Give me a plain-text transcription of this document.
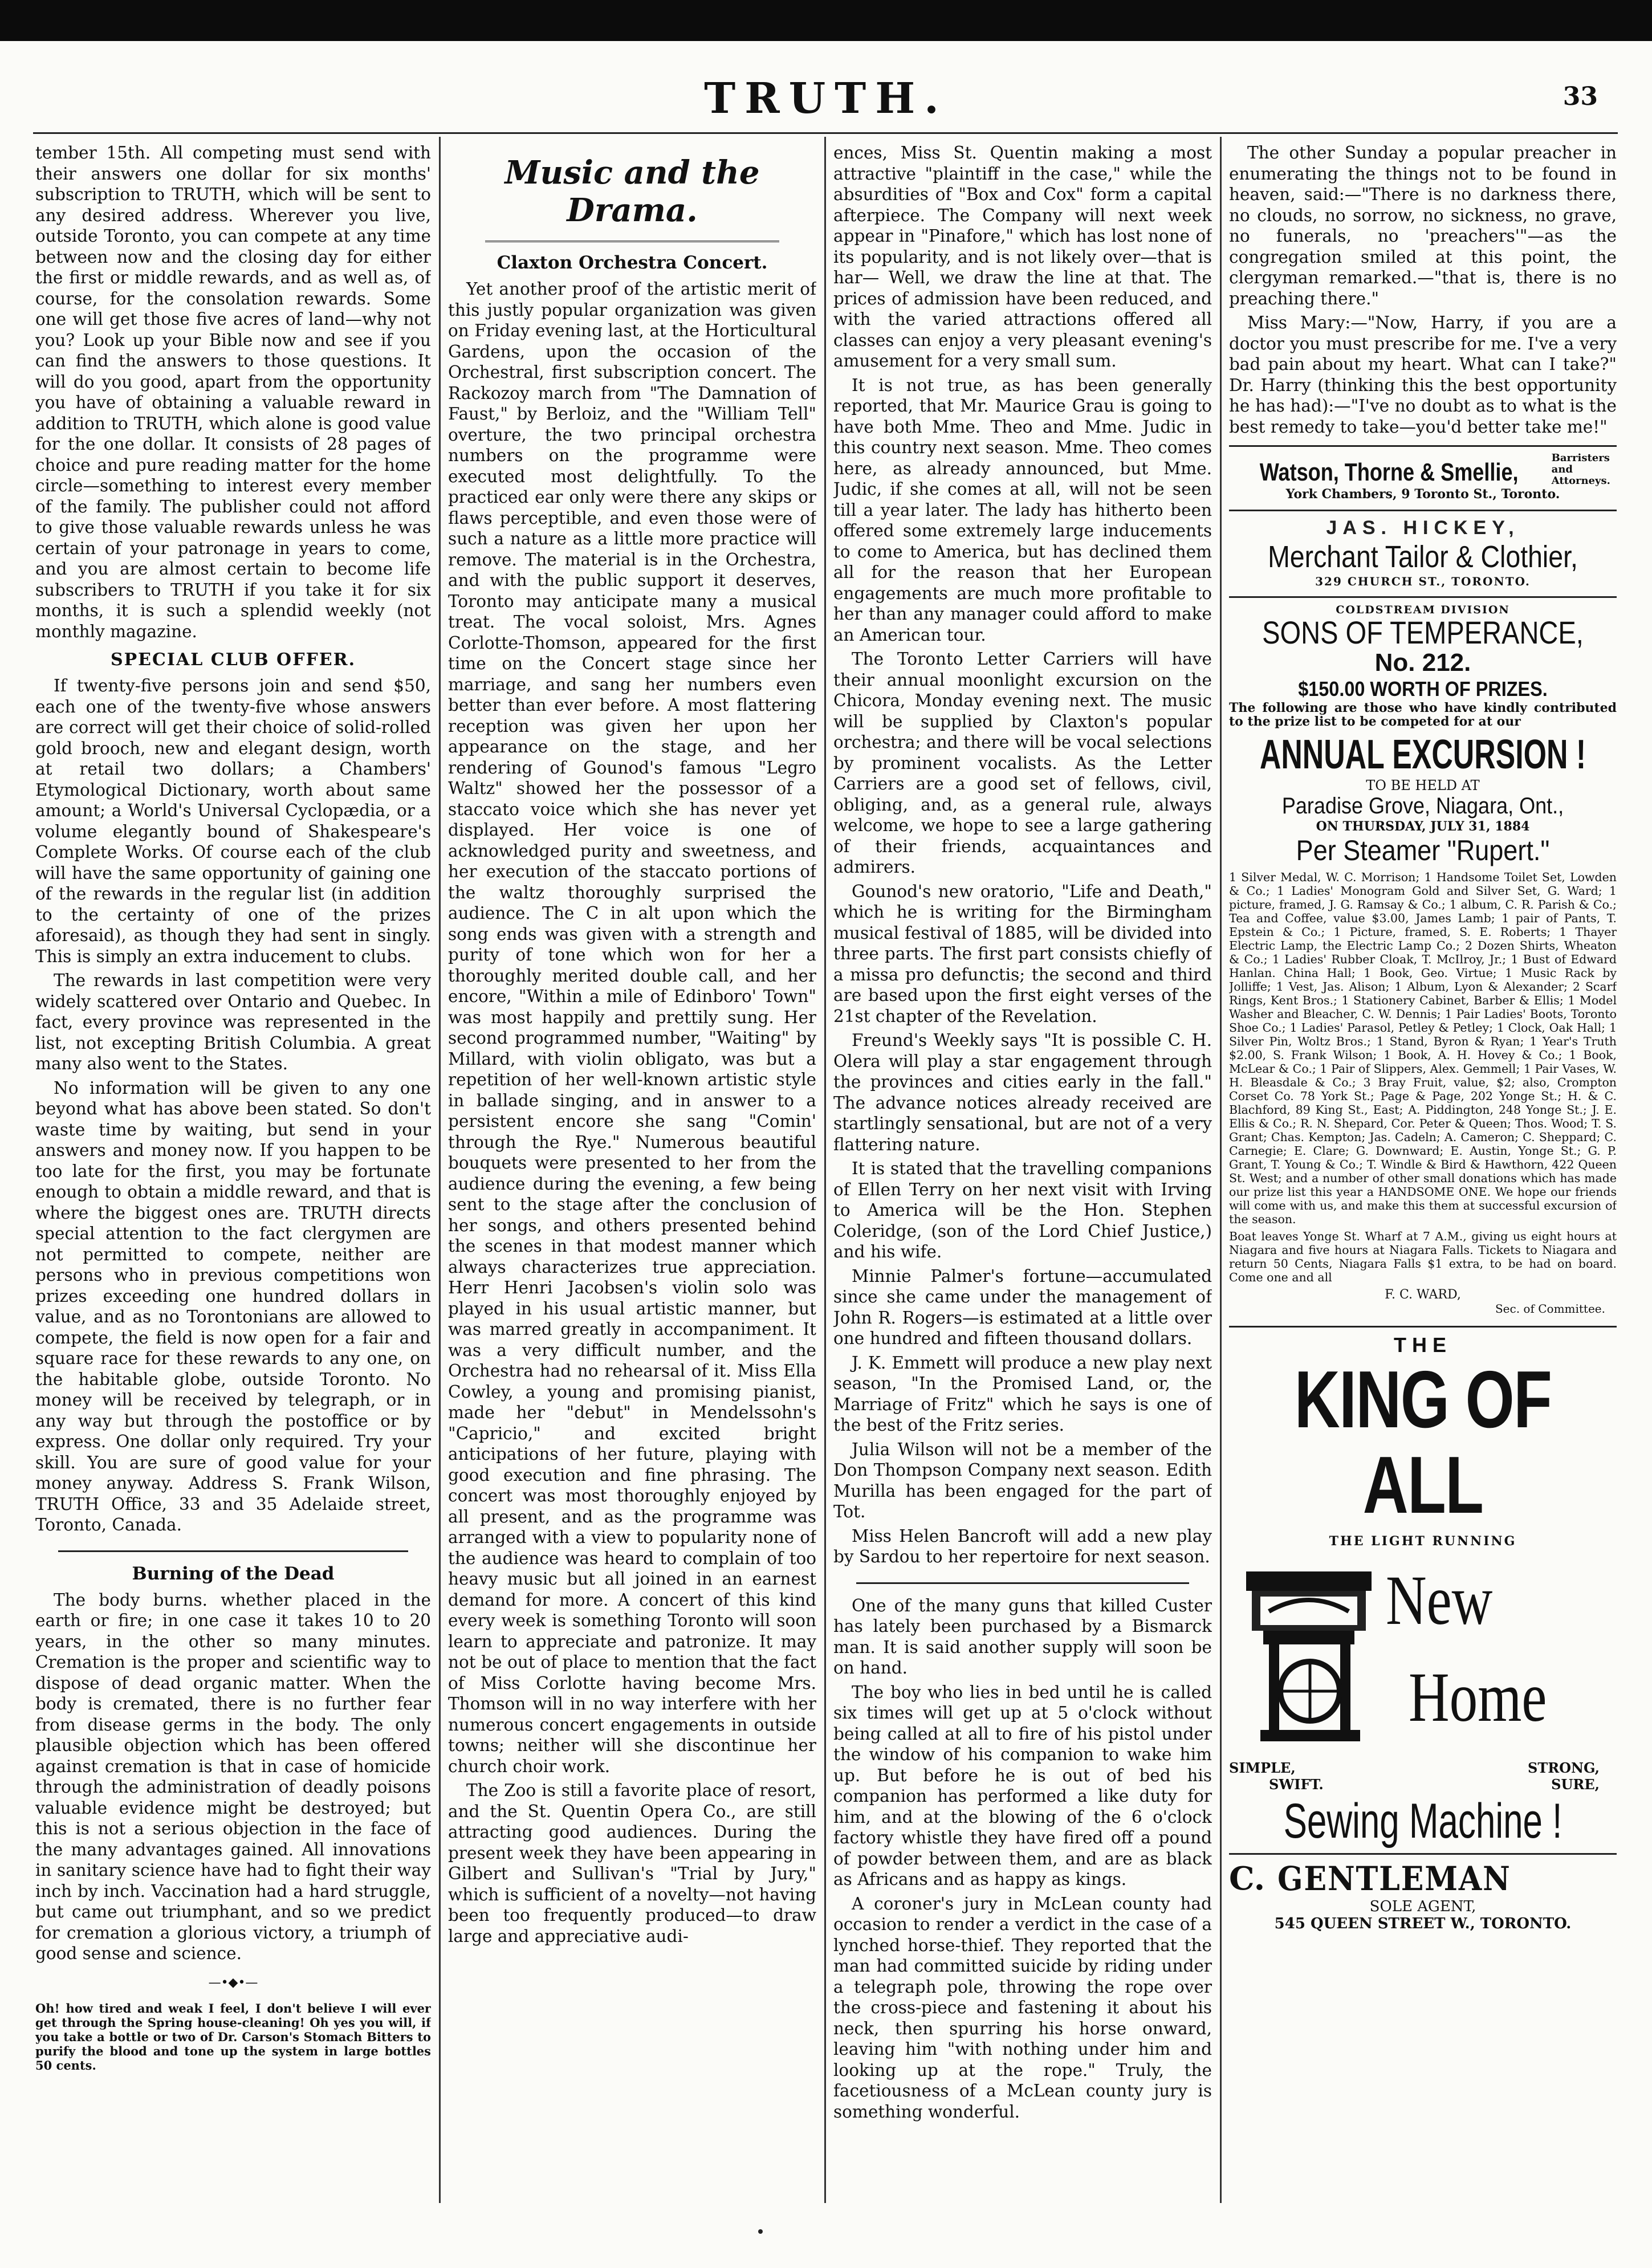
TRUTH.	33

tember 15th. All competing must send with their answers one dollar for six months' subscription to TRUTH, which will be sent to any desired address. Wherever you live, outside Toronto, you can compete at any time between now and the closing day for either the first or middle rewards, and as well as, of course, for the consolation rewards. Some one will get those five acres of land—why not you? Look up your Bible now and see if you can find the answers to those questions. It will do you good, apart from the opportunity you have of obtaining a valuable reward in addition to TRUTH, which alone is good value for the one dollar. It consists of 28 pages of choice and pure reading matter for the home circle—something to interest every member of the family. The publisher could not afford to give those valuable rewards unless he was certain of your patronage in years to come, and you are almost certain to become life subscribers to TRUTH if you take it for six months, it is such a splendid weekly (not monthly magazine.

SPECIAL CLUB OFFER.

If twenty-five persons join and send $50, each one of the twenty-five whose answers are correct will get their choice of solid-rolled gold brooch, new and elegant design, worth at retail two dollars; a Chambers' Etymological Dictionary, worth about same amount; a World's Universal Cyclopædia, or a volume elegantly bound of Shakespeare's Complete Works. Of course each of the club will have the same opportunity of gaining one of the rewards in the regular list (in addition to the certainty of one of the prizes aforesaid), as though they had sent in singly. This is simply an extra inducement to clubs.

The rewards in last competition were very widely scattered over Ontario and Quebec. In fact, every province was represented in the list, not excepting British Columbia. A great many also went to the States.

No information will be given to any one beyond what has above been stated. So don't waste time by waiting, but send in your answers and money now. If you happen to be too late for the first, you may be fortunate enough to obtain a middle reward, and that is where the biggest ones are. TRUTH directs special attention to the fact clergymen are not permitted to compete, neither are persons who in previous competitions won prizes exceeding one hundred dollars in value, and as no Torontonians are allowed to compete, the field is now open for a fair and square race for these rewards to any one, on the habitable globe, outside Toronto. No money will be received by telegraph, or in any way but through the postoffice or by express. One dollar only required. Try your skill. You are sure of good value for your money anyway. Address S. Frank Wilson, TRUTH Office, 33 and 35 Adelaide street, Toronto, Canada.

Burning of the Dead

The body burns. whether placed in the earth or fire; in one case it takes 10 to 20 years, in the other so many minutes. Cremation is the proper and scientific way to dispose of dead organic matter. When the body is cremated, there is no further fear from disease germs in the body. The only plausible objection which has been offered against cremation is that in case of homicide through the administration of deadly poisons valuable evidence might be destroyed; but this is not a serious objection in the face of the many advantages gained. All innovations in sanitary science have had to fight their way inch by inch. Vaccination had a hard struggle, but came out triumphant, and so we predict for cremation a glorious victory, a triumph of good sense and science.

—•◆•—

Oh! how tired and weak I feel, I don't believe I will ever get through the Spring house-cleaning! Oh yes you will, if you take a bottle or two of Dr. Carson's Stomach Bitters to purify the blood and tone up the system in large bottles 50 cents.

Music and the Drama.
Claxton Orchestra Concert.

Yet another proof of the artistic merit of this justly popular organization was given on Friday evening last, at the Horticultural Gardens, upon the occasion of the Orchestral, first subscription concert. The Rackozoy march from "The Damnation of Faust," by Berloiz, and the "William Tell" overture, the two principal orchestra numbers on the programme were executed most delightfully. To the practiced ear only were there any skips or flaws perceptible, and even those were of such a nature as a little more practice will remove. The material is in the Orchestra, and with the public support it deserves, Toronto may anticipate many a musical treat. The vocal soloist, Mrs. Agnes Corlotte-Thomson, appeared for the first time on the Concert stage since her marriage, and sang her numbers even better than ever before. A most flattering reception was given her upon her appearance on the stage, and her rendering of Gounod's famous "Legro Waltz" showed her the possessor of a staccato voice which she has never yet displayed. Her voice is one of acknowledged purity and sweetness, and her execution of the staccato portions of the waltz thoroughly surprised the audience. The C in alt upon which the song ends was given with a strength and purity of tone which won for her a thoroughly merited double call, and her encore, "Within a mile of Edinboro' Town" was most happily and prettily sung. Her second programmed number, "Waiting" by Millard, with violin obligato, was but a repetition of her well-known artistic style in ballade singing, and in answer to a persistent encore she sang "Comin' through the Rye." Numerous beautiful bouquets were presented to her from the audience during the evening, a few being sent to the stage after the conclusion of her songs, and others presented behind the scenes in that modest manner which always characterizes true appreciation. Herr Henri Jacobsen's violin solo was played in his usual artistic manner, but was marred greatly in accompaniment. It was a very difficult number, and the Orchestra had no rehearsal of it. Miss Ella Cowley, a young and promising pianist, made her "debut" in Mendelssohn's "Capricio," and excited bright anticipations of her future, playing with good execution and fine phrasing. The concert was most thoroughly enjoyed by all present, and as the programme was arranged with a view to popularity none of the audience was heard to complain of too heavy music but all joined in an earnest demand for more. A concert of this kind every week is something Toronto will soon learn to appreciate and patronize. It may not be out of place to mention that the fact of Miss Corlotte having become Mrs. Thomson will in no way interfere with her numerous concert engagements in outside towns; neither will she discontinue her church choir work.

The Zoo is still a favorite place of resort, and the St. Quentin Opera Co., are still attracting good audiences. During the present week they have been appearing in Gilbert and Sullivan's "Trial by Jury," which is sufficient of a novelty—not having been too frequently produced—to draw large and appreciative audi-

ences, Miss St. Quentin making a most attractive "plaintiff in the case," while the absurdities of "Box and Cox" form a capital afterpiece. The Company will next week appear in "Pinafore," which has lost none of its popularity, and is not likely over—that is har— Well, we draw the line at that. The prices of admission have been reduced, and with the varied attractions offered all classes can enjoy a very pleasant evening's amusement for a very small sum.

It is not true, as has been generally reported, that Mr. Maurice Grau is going to have both Mme. Theo and Mme. Judic in this country next season. Mme. Theo comes here, as already announced, but Mme. Judic, if she comes at all, will not be seen till a year later. The lady has hitherto been offered some extremely large inducements to come to America, but has declined them all for the reason that her European engagements are much more profitable to her than any manager could afford to make an American tour.

The Toronto Letter Carriers will have their annual moonlight excursion on the Chicora, Monday evening next. The music will be supplied by Claxton's popular orchestra; and there will be vocal selections by prominent vocalists. As the Letter Carriers are a good set of fellows, civil, obliging, and, as a general rule, always welcome, we hope to see a large gathering of their friends, acquaintances and admirers.

Gounod's new oratorio, "Life and Death," which he is writing for the Birmingham musical festival of 1885, will be divided into three parts. The first part consists chiefly of a missa pro defunctis; the second and third are based upon the first eight verses of the 21st chapter of the Revelation.

Freund's Weekly says "It is possible C. H. Olera will play a star engagement through the provinces and cities early in the fall." The advance notices already received are startlingly sensational, but are not of a very flattering nature.

It is stated that the travelling companions of Ellen Terry on her next visit with Irving to America will be the Hon. Stephen Coleridge, (son of the Lord Chief Justice,) and his wife.

Minnie Palmer's fortune—accumulated since she came under the management of John R. Rogers—is estimated at a little over one hundred and fifteen thousand dollars.

J. K. Emmett will produce a new play next season, "In the Promised Land, or, the Marriage of Fritz" which he says is one of the best of the Fritz series.

Julia Wilson will not be a member of the Don Thompson Company next season. Edith Murilla has been engaged for the part of Tot.

Miss Helen Bancroft will add a new play by Sardou to her repertoire for next season.

One of the many guns that killed Custer has lately been purchased by a Bismarck man. It is said another supply will soon be on hand.

The boy who lies in bed until he is called six times will get up at 5 o'clock without being called at all to fire of his pistol under the window of his companion to wake him up. But before he is out of bed his companion has performed a like duty for him, and at the blowing of the 6 o'clock factory whistle they have fired off a pound of powder between them, and are as black as Africans and as happy as kings.

A coroner's jury in McLean county had occasion to render a verdict in the case of a lynched horse-thief. They reported that the man had committed suicide by riding under a telegraph pole, throwing the rope over the cross-piece and fastening it about his neck, then spurring his horse onward, leaving him "with nothing under him and looking up at the rope." Truly, the facetiousness of a McLean county jury is something wonderful.

The other Sunday a popular preacher in enumerating the things not to be found in heaven, said:—"There is no darkness there, no clouds, no sorrow, no sickness, no grave, no funerals, no 'preachers'"—as the congregation smiled at this point, the clergyman remarked.—"that is, there is no preaching there."

Miss Mary:—"Now, Harry, if you are a doctor you must prescribe for me. I've a very bad pain about my heart. What can I take?" Dr. Harry (thinking this the best opportunity he has had):—"I've no doubt as to what is the best remedy to take—you'd better take me!"

Watson, Thorne & Smellie,
Barristers and Attorneys.
York Chambers, 9 Toronto St., Toronto.
JAS. HICKEY,
Merchant Tailor & Clothier,
329 CHURCH ST., TORONTO.
COLDSTREAM DIVISION
SONS OF TEMPERANCE,
No. 212.
$150.00 WORTH OF PRIZES.
The following are those who have kindly contributed to the prize list to be competed for at our
ANNUAL EXCURSION !
TO BE HELD AT
Paradise Grove, Niagara, Ont.,
ON THURSDAY, JULY 31, 1884
Per Steamer "Rupert."

1 Silver Medal, W. C. Morrison; 1 Handsome Toilet Set, Lowden & Co.; 1 Ladies' Monogram Gold and Silver Set, G. Ward; 1 picture, framed, J. G. Ramsay & Co.; 1 album, C. R. Parish & Co.; Tea and Coffee, value $3.00, James Lamb; 1 pair of Pants, T. Epstein & Co.; 1 Picture, framed, S. E. Roberts; 1 Thayer Electric Lamp, the Electric Lamp Co.; 2 Dozen Shirts, Wheaton & Co.; 1 Ladies' Rubber Cloak, T. McIlroy, Jr.; 1 Bust of Edward Hanlan. China Hall; 1 Book, Geo. Virtue; 1 Music Rack by Jolliffe; 1 Vest, Jas. Alison; 1 Album, Lyon & Alexander; 2 Scarf Rings, Kent Bros.; 1 Stationery Cabinet, Barber & Ellis; 1 Model Washer and Bleacher, C. W. Dennis; 1 Pair Ladies' Boots, Toronto Shoe Co.; 1 Ladies' Parasol, Petley & Petley; 1 Clock, Oak Hall; 1 Silver Pin, Woltz Bros.; 1 Stand, Byron & Ryan; 1 Year's Truth $2.00, S. Frank Wilson; 1 Book, A. H. Hovey & Co.; 1 Book, McLear & Co.; 1 Pair of Slippers, Alex. Gemmell; 1 Pair Vases, W. H. Bleasdale & Co.; 3 Bray Fruit, value, $2; also, Crompton Corset Co. 78 York St.; Page & Page, 202 Yonge St.; H. & C. Blachford, 89 King St., East; A. Piddington, 248 Yonge St.; J. E. Ellis & Co.; R. N. Shepard, Cor. Peter & Queen; Thos. Wood; T. S. Grant; Chas. Kempton; Jas. Cadeln; A. Cameron; C. Sheppard; C. Carnegie; E. Clare; G. Downward; E. Austin, Yonge St.; G. P. Grant, T. Young & Co.; T. Windle & Bird & Hawthorn, 422 Queen St. West; and a number of other small donations which has made our prize list this year a HANDSOME ONE. We hope our friends will come with us, and make this them at successful excursion of the season.

Boat leaves Yonge St. Wharf at 7 A.M., giving us eight hours at Niagara and five hours at Niagara Falls. Tickets to Niagara and return 50 Cents, Niagara Falls $1 extra, to be had on board. Come one and all

F. C. WARD,
Sec. of Committee.
THE
KING OF ALL
THE LIGHT RUNNING
New
Home
SIMPLE,	STRONG,
SWIFT.	SURE,
Sewing Machine !
C. GENTLEMAN
SOLE AGENT,
545 QUEEN STREET W., TORONTO.
